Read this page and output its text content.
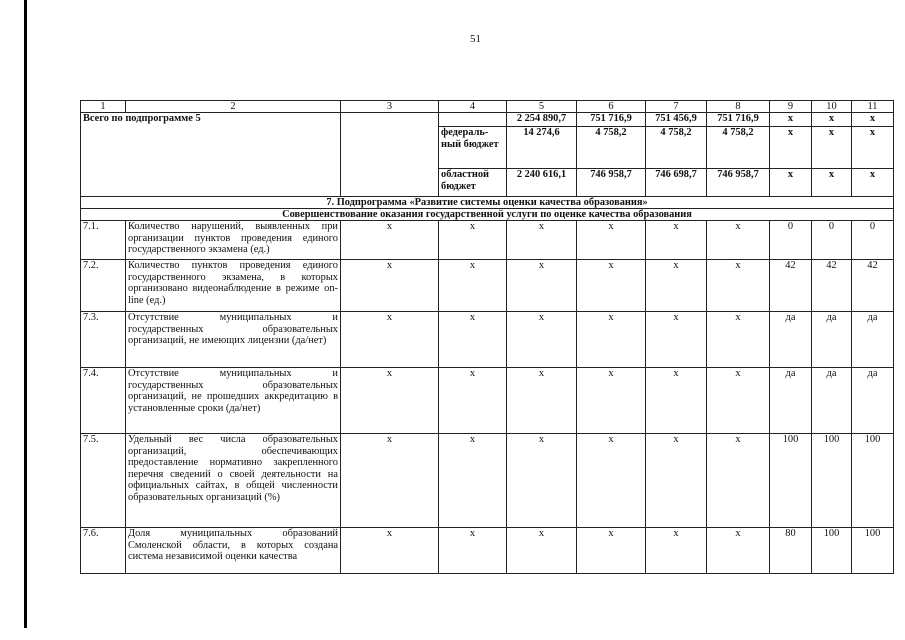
51
1	2	3	4	5	6	7	8	9	10	11
Всего по подпрограмме 5				2 254 890,7	751 716,9	751 456,9	751 716,9	х	х	х
			федераль-ный бюджет	14 274,6	4 758,2	4 758,2	4 758,2	х	х	х
			областной бюджет	2 240 616,1	746 958,7	746 698,7	746 958,7	х	х	х
7. Подпрограмма «Развитие системы оценки качества образования»										
Совершенствование оказания государственной услуги по оценке качества образования										
7.1.	Количество нарушений, выявленных при организации пунктов проведения единого государственного экзамена (ед.)	х	х	х	х	х	х	0	0	0
7.2.	Количество пунктов проведения единого государственного экзамена, в которых организовано видеонаблюдение в режиме on-line (ед.)	х	х	х	х	х	х	42	42	42
7.3.	Отсутствие муниципальных и государственных образовательных организаций, не имеющих лицензии (да/нет)	х	х	х	х	х	х	да	да	да
7.4.	Отсутствие муниципальных и государственных образовательных организаций, не прошедших аккредитацию в установленные сроки (да/нет)	х	х	х	х	х	х	да	да	да
7.5.	Удельный вес числа образовательных организаций, обеспечивающих предоставление нормативно закрепленного перечня сведений о своей деятельности на официальных сайтах, в общей численности образовательных организаций (%)	х	х	х	х	х	х	100	100	100
7.6.	Доля муниципальных образований Смоленской области, в которых создана система независимой оценки качества	х	х	х	х	х	х	80	100	100
